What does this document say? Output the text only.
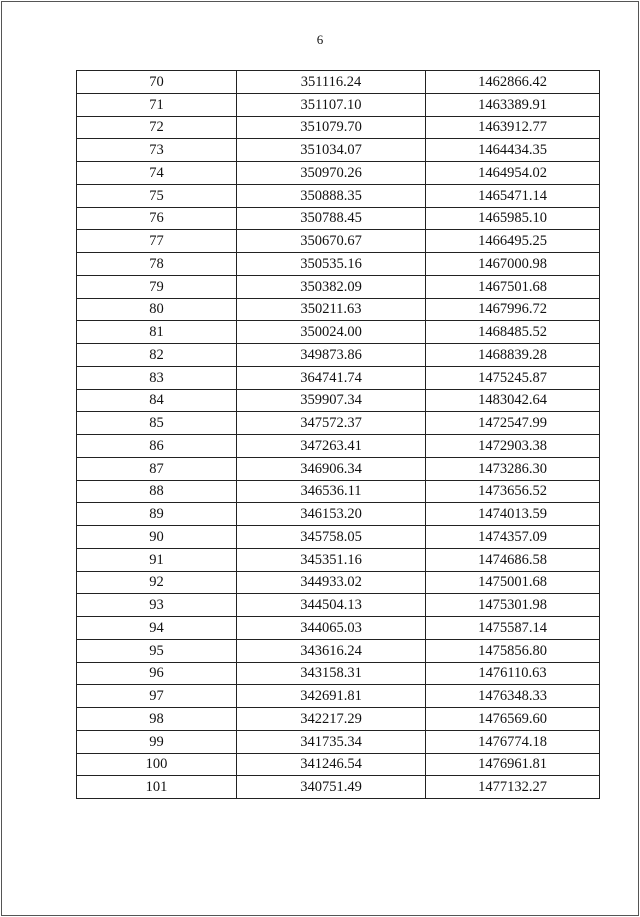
6
70	351116.24	1462866.42
71	351107.10	1463389.91
72	351079.70	1463912.77
73	351034.07	1464434.35
74	350970.26	1464954.02
75	350888.35	1465471.14
76	350788.45	1465985.10
77	350670.67	1466495.25
78	350535.16	1467000.98
79	350382.09	1467501.68
80	350211.63	1467996.72
81	350024.00	1468485.52
82	349873.86	1468839.28
83	364741.74	1475245.87
84	359907.34	1483042.64
85	347572.37	1472547.99
86	347263.41	1472903.38
87	346906.34	1473286.30
88	346536.11	1473656.52
89	346153.20	1474013.59
90	345758.05	1474357.09
91	345351.16	1474686.58
92	344933.02	1475001.68
93	344504.13	1475301.98
94	344065.03	1475587.14
95	343616.24	1475856.80
96	343158.31	1476110.63
97	342691.81	1476348.33
98	342217.29	1476569.60
99	341735.34	1476774.18
100	341246.54	1476961.81
101	340751.49	1477132.27
